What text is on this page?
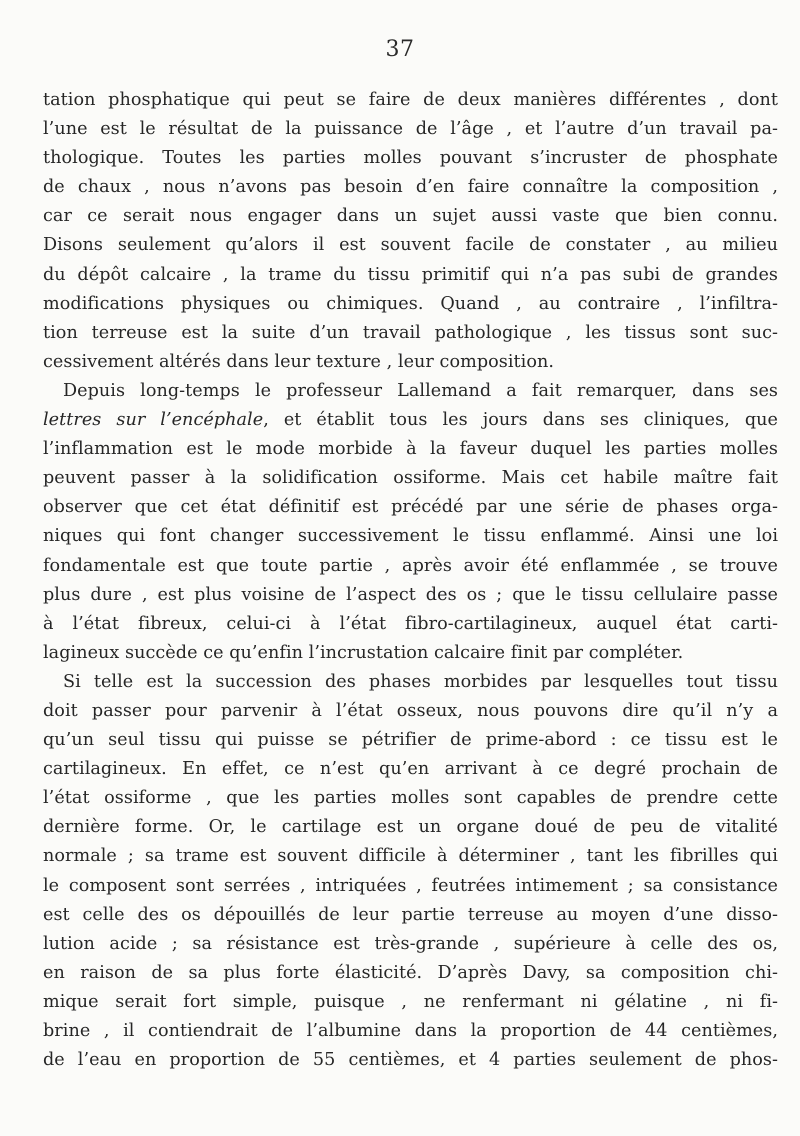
37
tation phosphatique qui peut se faire de deux manières différentes , dont
l’une est le résultat de la puissance de l’âge , et l’autre d’un travail pa-
thologique. Toutes les parties molles pouvant s’incruster de phosphate
de chaux , nous n’avons pas besoin d’en faire connaître la composition ,
car ce serait nous engager dans un sujet aussi vaste que bien connu.
Disons seulement qu’alors il est souvent facile de constater , au milieu
du dépôt calcaire , la trame du tissu primitif qui n’a pas subi de grandes
modifications physiques ou chimiques. Quand , au contraire , l’infiltra-
tion terreuse est la suite d’un travail pathologique , les tissus sont suc-
cessivement altérés dans leur texture , leur composition.
Depuis long-temps le professeur Lallemand a fait remarquer, dans ses
lettres sur l’encéphale, et établit tous les jours dans ses cliniques, que
l’inflammation est le mode morbide à la faveur duquel les parties molles
peuvent passer à la solidification ossiforme. Mais cet habile maître fait
observer que cet état définitif est précédé par une série de phases orga-
niques qui font changer successivement le tissu enflammé. Ainsi une loi
fondamentale est que toute partie , après avoir été enflammée , se trouve
plus dure , est plus voisine de l’aspect des os ; que le tissu cellulaire passe
à l’état fibreux, celui-ci à l’état fibro-cartilagineux, auquel état carti-
lagineux succède ce qu’enfin l’incrustation calcaire finit par compléter.
Si telle est la succession des phases morbides par lesquelles tout tissu
doit passer pour parvenir à l’état osseux, nous pouvons dire qu’il n’y a
qu’un seul tissu qui puisse se pétrifier de prime-abord : ce tissu est le
cartilagineux. En effet, ce n’est qu’en arrivant à ce degré prochain de
l’état ossiforme , que les parties molles sont capables de prendre cette
dernière forme. Or, le cartilage est un organe doué de peu de vitalité
normale ; sa trame est souvent difficile à déterminer , tant les fibrilles qui
le composent sont serrées , intriquées , feutrées intimement ; sa consistance
est celle des os dépouillés de leur partie terreuse au moyen d’une disso-
lution acide ; sa résistance est très-grande , supérieure à celle des os,
en raison de sa plus forte élasticité. D’après Davy, sa composition chi-
mique serait fort simple, puisque , ne renfermant ni gélatine , ni fi-
brine , il contiendrait de l’albumine dans la proportion de 44 centièmes,
de l’eau en proportion de 55 centièmes, et 4 parties seulement de phos-
